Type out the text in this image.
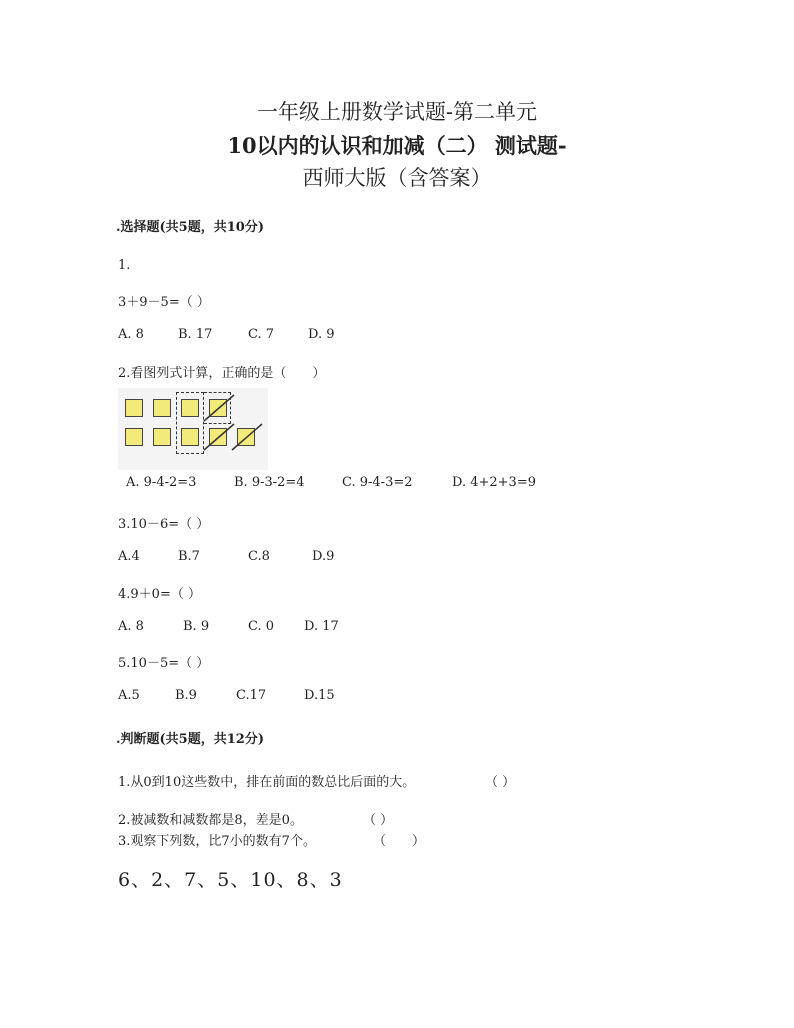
一年级上册数学试题-第二单元
10以内的认识和加减（二） 测试题-
西师大版（含答案）
.选择题(共5题，共10分)
1.
3＋9－5=（ ）
A. 8	B. 17	C. 7	D. 9
2.看图列式计算，正确的是（　　）
A. 9-4-2=3	B. 9-3-2=4	C. 9-4-3=2	D. 4+2+3=9
3.10－6=（ ）
A.4	B.7	C.8	D.9
4.9＋0=（ ）
A. 8	B. 9	C. 0 D. 17
5.10－5=（ ）
A.5	B.9	C.17	D.15
.判断题(共5题，共12分)
1.从0到10这些数中，排在前面的数总比后面的大。	（ ）
2.被减数和减数都是8，差是0。	（ ）
3.观察下列数，比7小的数有7个。	（　　）
6、2、7、5、10、8、3
